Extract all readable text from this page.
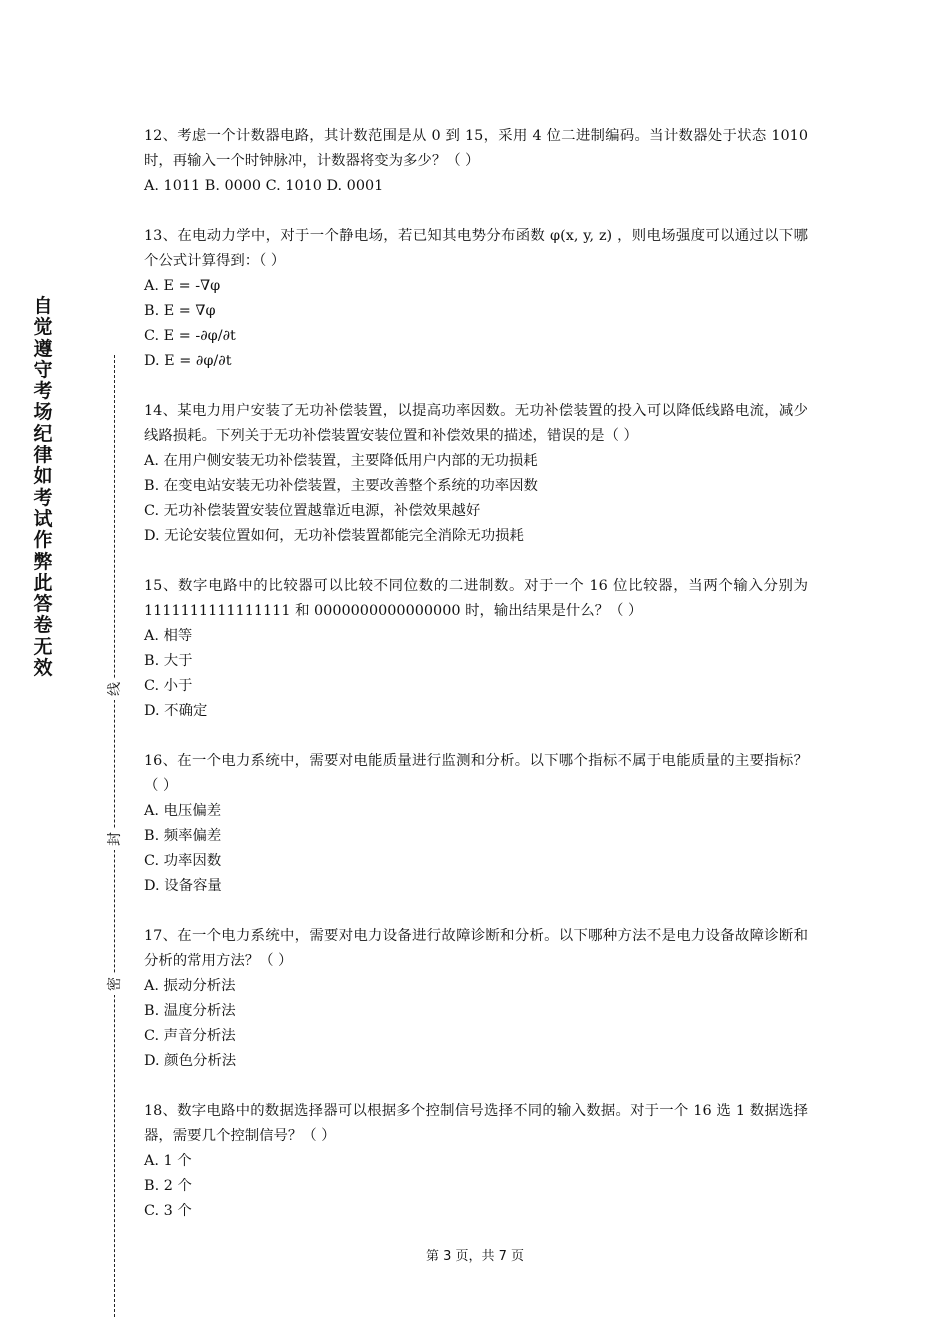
自觉遵守考场纪律如考试作弊此答卷无效
线
封
密

12、考虑一个计数器电路，其计数范围是从 0 到 15，采用 4 位二进制编码。当计数器处于状态 1010 时，再输入一个时钟脉冲，计数器将变为多少？（ ）

A. 1011 B. 0000 C. 1010 D. 0001

13、在电动力学中，对于一个静电场，若已知其电势分布函数 φ(x, y, z) ，则电场强度可以通过以下哪个公式计算得到：（ ）

A. E = -∇φ
B. E = ∇φ
C. E = -∂φ/∂t
D. E = ∂φ/∂t

14、某电力用户安装了无功补偿装置，以提高功率因数。无功补偿装置的投入可以降低线路电流，减少线路损耗。下列关于无功补偿装置安装位置和补偿效果的描述，错误的是（ ）

A. 在用户侧安装无功补偿装置，主要降低用户内部的无功损耗
B. 在变电站安装无功补偿装置，主要改善整个系统的功率因数
C. 无功补偿装置安装位置越靠近电源，补偿效果越好
D. 无论安装位置如何，无功补偿装置都能完全消除无功损耗

15、数字电路中的比较器可以比较不同位数的二进制数。对于一个 16 位比较器，当两个输入分别为 1111111111111111 和 0000000000000000 时，输出结果是什么？（ ）

A. 相等
B. 大于
C. 小于
D. 不确定

16、在一个电力系统中，需要对电能质量进行监测和分析。以下哪个指标不属于电能质量的主要指标？（ ）

A. 电压偏差
B. 频率偏差
C. 功率因数
D. 设备容量

17、在一个电力系统中，需要对电力设备进行故障诊断和分析。以下哪种方法不是电力设备故障诊断和分析的常用方法？（ ）

A. 振动分析法
B. 温度分析法
C. 声音分析法
D. 颜色分析法

18、数字电路中的数据选择器可以根据多个控制信号选择不同的输入数据。对于一个 16 选 1 数据选择器，需要几个控制信号？（ ）

A. 1 个
B. 2 个
C. 3 个
第 3 页，共 7 页
